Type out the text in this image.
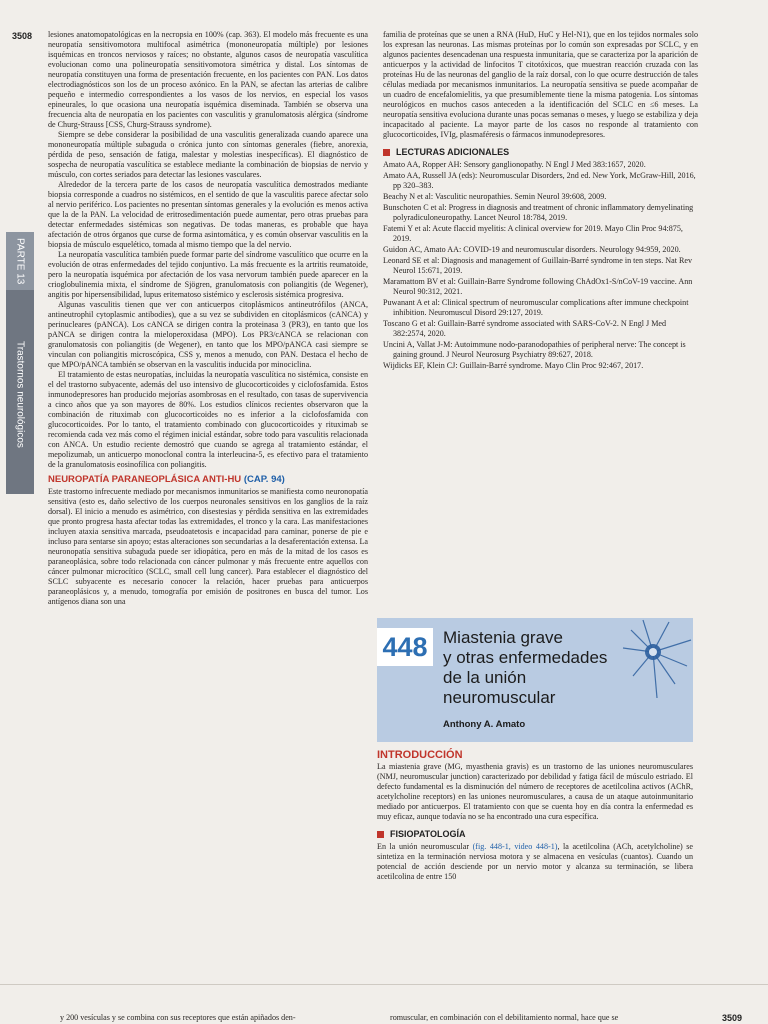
3508
3509
PARTE 13
Trastornos neurológicos

lesiones anatomopatológicas en la necropsia en 100% (cap. 363). El modelo más frecuente es una neuropatía sensitivomotora multifocal asimétrica (mononeuropatía múltiple) por lesiones isquémicas en troncos nerviosos y raíces; no obstante, algunos casos de neuropatía vasculítica evolucionan como una polineuropatía sensitivomotora simétrica y distal. Los síntomas de neuropatía constituyen una forma de presentación frecuente, en los pacientes con PAN. Los datos electrodiagnósticos son los de un proceso axónico. En la PAN, se afectan las arterias de calibre pequeño e intermedio correspondientes a los vasos de los nervios, en especial los vasos epineurales, lo que ocasiona una neuropatía isquémica diseminada. También se observa una frecuencia alta de neuropatía en los pacientes con vasculitis y granulomatosis alérgica (síndrome de Churg-Strauss [CSS, Churg-Strauss syndrome).

Siempre se debe considerar la posibilidad de una vasculitis generalizada cuando aparece una mononeuropatía múltiple subaguda o crónica junto con síntomas generales (fiebre, anorexia, pérdida de peso, sensación de fatiga, malestar y molestias inespecíficas). El diagnóstico de sospecha de neuropatía vasculítica se establece mediante la combinación de biopsias de nervio y músculo, con cortes seriados para detectar las lesiones vasculares.

Alrededor de la tercera parte de los casos de neuropatía vasculítica demostrados mediante biopsia corresponde a cuadros no sistémicos, en el sentido de que la vasculitis parece afectar solo al nervio periférico. Los pacientes no presentan síntomas generales y la evolución es menos activa que la de la PAN. La velocidad de eritrosedimentación puede aumentar, pero otras pruebas para detectar enfermedades sistémicas son negativas. De todas maneras, es probable que haya afectación de otros órganos que curse de forma asintomática, y es común observar vasculitis en la biopsia de músculo esquelético, tomada al mismo tiempo que la del nervio.

La neuropatía vasculítica también puede formar parte del síndrome vasculítico que ocurre en la evolución de otras enfermedades del tejido conjuntivo. La más frecuente es la artritis reumatoide, pero la neuropatía isquémica por afectación de los vasa nervorum también puede aparecer en la crioglobulinemia mixta, el síndrome de Sjögren, granulomatosis con poliangitis (de Wegener), angitis por hipersensibilidad, lupus eritematoso sistémico y esclerosis sistémica progresiva.

Algunas vasculitis tienen que ver con anticuerpos citoplásmicos antineutrófilos (ANCA, antineutrophil cytoplasmic antibodies), que a su vez se subdividen en citoplásmicos (cANCA) y perinucleares (pANCA). Los cANCA se dirigen contra la proteinasa 3 (PR3), en tanto que los pANCA se dirigen contra la mieloperoxidasa (MPO). Los PR3/cANCA se relacionan con granulomatosis con poliangitis (de Wegener), en tanto que los MPO/pANCA casi siempre se vinculan con poliangitis microscópica, CSS y, menos a menudo, con PAN. Destaca el hecho de que MPO/pANCA también se observan en la vasculitis inducida por minociclina.

El tratamiento de estas neuropatías, incluidas la neuropatía vasculítica no sistémica, consiste en el del trastorno subyacente, además del uso intensivo de glucocorticoides y ciclofosfamida. Estos inmunodepresores han producido mejorías asombrosas en el resultado, con tasas de supervivencia a cinco años que ya son mayores de 80%. Los estudios clínicos recientes observaron que la combinación de rituximab con glucocorticoides no es inferior a la ciclofosfamida con glucocorticoides. Por lo tanto, el tratamiento combinado con glucocorticoides y rituximab se recomienda cada vez más como el régimen inicial estándar, sobre todo para vasculitis relacionada con ANCA. Un estudio reciente demostró que cuando se agrega al tratamiento estándar, el mepolizumab, un anticuerpo monoclonal contra la interleucina-5, es efectivo para el tratamiento de la granulomatosis eosinofílica con poliangitis.

NEUROPATÍA PARANEOPLÁSICA ANTI-HU (CAP. 94)

Este trastorno infrecuente mediado por mecanismos inmunitarios se manifiesta como neuronopatía sensitiva (esto es, daño selectivo de los cuerpos neuronales sensitivos en los ganglios de la raíz dorsal). El inicio a menudo es asimétrico, con disestesias y pérdida sensitiva en las extremidades que pronto progresa hasta afectar todas las extremidades, el tronco y la cara. Las manifestaciones incluyen ataxia sensitiva marcada, pseudoatetosis e incapacidad para caminar, ponerse de pie e incluso para sentarse sin apoyo; estas alteraciones son secundarias a la desaferentación extensa. La neuronopatía sensitiva subaguda puede ser idiopática, pero en más de la mitad de los casos es paraneoplásica, sobre todo relacionada con cáncer pulmonar y más frecuente entre aquellos con cáncer pulmonar microcítico (SCLC, small cell lung cancer). Para establecer el diagnóstico del SCLC subyacente es necesario conocer la relación, hacer pruebas para anticuerpos paraneoplásicos y, a menudo, tomografía por emisión de positrones en busca del tumor. Los antígenos diana son una

familia de proteínas que se unen a RNA (HuD, HuC y Hel-N1), que en los tejidos normales solo los expresan las neuronas. Las mismas proteínas por lo común son expresadas por SCLC, y en algunos pacientes desencadenan una respuesta inmunitaria, que se caracteriza por la aparición de anticuerpos y la actividad de linfocitos T citotóxicos, que muestran reacción cruzada con las proteínas Hu de las neuronas del ganglio de la raíz dorsal, con lo que ocurre destrucción de tales células mediada por mecanismos inmunitarios. La neuropatía sensitiva se puede acompañar de un cuadro de encefalomielitis, ya que presumiblemente tiene la misma patogenia. Los síntomas neurológicos en muchos casos anteceden a la identificación del SCLC en ≤6 meses. La neuropatía sensitiva evoluciona durante unas pocas semanas o meses, y luego se estabiliza y deja incapacitado al paciente. La mayor parte de los casos no responde al tratamiento con glucocorticoides, IVIg, plasmaféresis o fármacos inmunodepresores.

LECTURAS ADICIONALES
Amato AA, Ropper AH: Sensory ganglionopathy. N Engl J Med 383:1657, 2020.
Amato AA, Russell JA (eds): Neuromuscular Disorders, 2nd ed. New York, McGraw-Hill, 2016, pp 320–383.
Beachy N et al: Vasculitic neuropathies. Semin Neurol 39:608, 2009.
Bunschoten C et al: Progress in diagnosis and treatment of chronic inflammatory demyelinating polyradiculoneuropathy. Lancet Neurol 18:784, 2019.
Fatemi Y et al: Acute flaccid myelitis: A clinical overview for 2019. Mayo Clin Proc 94:875, 2019.
Guidon AC, Amato AA: COVID-19 and neuromuscular disorders. Neurology 94:959, 2020.
Leonard SE et al: Diagnosis and management of Guillain-Barré syndrome in ten steps. Nat Rev Neurol 15:671, 2019.
Maramattom BV et al: Guillain-Barre Syndrome following ChAdOx1-S/nCoV-19 vaccine. Ann Neurol 90:312, 2021.
Puwanant A et al: Clinical spectrum of neuromuscular complications after immune checkpoint inhibition. Neuromuscul Disord 29:127, 2019.
Toscano G et al: Guillain-Barré syndrome associated with SARS-CoV-2. N Engl J Med 382:2574, 2020.
Uncini A, Vallat J-M: Autoimmune nodo-paranodopathies of peripheral nerve: The concept is gaining ground. J Neurol Neurosurg Psychiatry 89:627, 2018.
Wijdicks EF, Klein CJ: Guillain-Barré syndrome. Mayo Clin Proc 92:467, 2017.
448 Miastenia grave
y otras enfermedades
de la unión
neuromuscular
Anthony A. Amato
INTRODUCCIÓN

La miastenia grave (MG, myasthenia gravis) es un trastorno de las uniones neuromusculares (NMJ, neuromuscular junction) caracterizado por debilidad y fatiga fácil de músculo estriado. El defecto fundamental es la disminución del número de receptores de acetilcolina activos (AChR, acetylcholine receptors) en las uniones neuromusculares, a causa de un ataque autoinmunitario mediado por anticuerpos. El tratamiento con que se cuenta hoy en día contra la enfermedad es muy eficaz, aunque todavía no se ha encontrado una cura específica.

FISIOPATOLOGÍA

En la unión neuromuscular (fig. 448-1, video 448-1), la acetilcolina (ACh, acetylcholine) se sintetiza en la terminación nerviosa motora y se almacena en vesículas (cuantos). Cuando un potencial de acción desciende por un nervio motor y alcanza su terminación, se libera acetilcolina de entre 150

y 200 vesículas y se combina con sus receptores que están apiñados den-	romuscular, en combinación con el debilitamiento normal, hace que se
